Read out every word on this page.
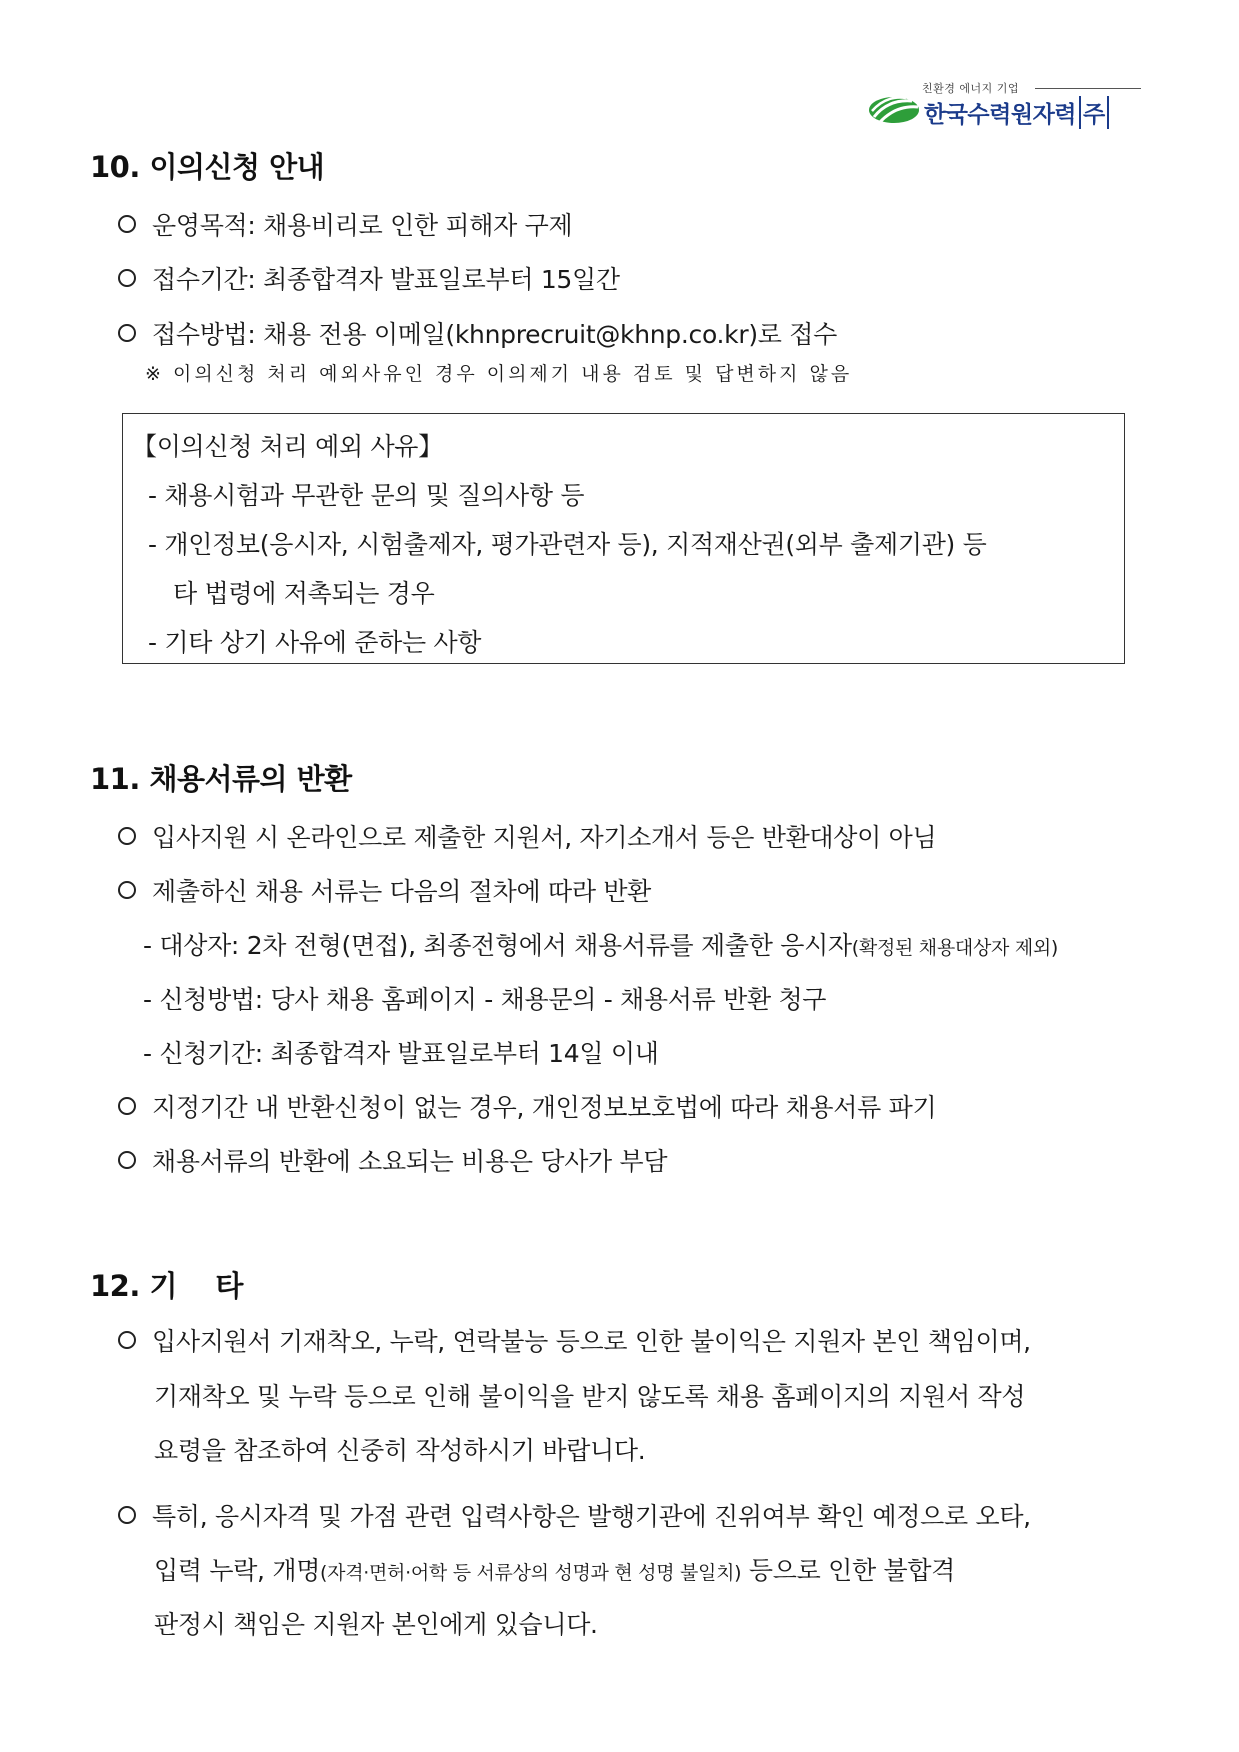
친환경 에너지 기업
한국수력원자력 주
10. 이의신청 안내
운영목적: 채용비리로 인한 피해자 구제
접수기간: 최종합격자 발표일로부터 15일간
접수방법: 채용 전용 이메일(khnprecruit@khnp.co.kr)로 접수
※ 이의신청 처리 예외사유인 경우 이의제기 내용 검토 및 답변하지 않음
【이의신청 처리 예외 사유】
- 채용시험과 무관한 문의 및 질의사항 등
- 개인정보(응시자, 시험출제자, 평가관련자 등), 지적재산권(외부 출제기관) 등
타 법령에 저촉되는 경우
- 기타 상기 사유에 준하는 사항
11. 채용서류의 반환
입사지원 시 온라인으로 제출한 지원서, 자기소개서 등은 반환대상이 아님
제출하신 채용 서류는 다음의 절차에 따라 반환
- 대상자: 2차 전형(면접), 최종전형에서 채용서류를 제출한 응시자(확정된 채용대상자 제외)
- 신청방법: 당사 채용 홈페이지 - 채용문의 - 채용서류 반환 청구
- 신청기간: 최종합격자 발표일로부터 14일 이내
지정기간 내 반환신청이 없는 경우, 개인정보보호법에 따라 채용서류 파기
채용서류의 반환에 소요되는 비용은 당사가 부담
12. 기    타
입사지원서 기재착오, 누락, 연락불능 등으로 인한 불이익은 지원자 본인 책임이며,
기재착오 및 누락 등으로 인해 불이익을 받지 않도록 채용 홈페이지의 지원서 작성
요령을 참조하여 신중히 작성하시기 바랍니다.
특히, 응시자격 및 가점 관련 입력사항은 발행기관에 진위여부 확인 예정으로 오타,
입력 누락, 개명(자격·면허·어학 등 서류상의 성명과 현 성명 불일치) 등으로 인한 불합격
판정시 책임은 지원자 본인에게 있습니다.
